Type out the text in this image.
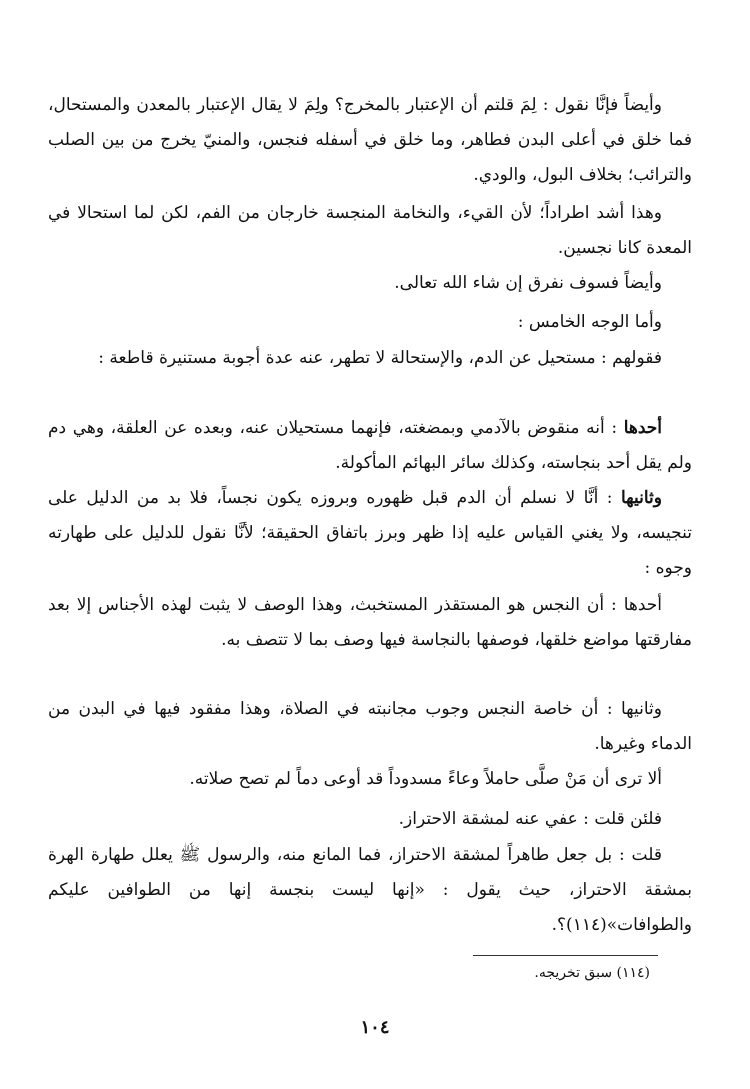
وأيضاً فإنَّا نقول : لِمَ قلتم أن الإعتبار بالمخرج؟ ولِمَ لا يقال الإعتبار بالمعدن والمستحال، فما خلق في أعلى البدن فطاهر، وما خلق في أسفله فنجس، والمنيّ يخرج من بين الصلب والترائب؛ بخلاف البول، والودي.

وهذا أشد اطراداً؛ لأن القيء، والنخامة المنجسة خارجان من الفم، لكن لما استحالا في المعدة كانا نجسين.

وأيضاً فسوف نفرق إن شاء الله تعالى.

وأما الوجه الخامس :

فقولهم : مستحيل عن الدم، والإستحالة لا تطهر، عنه عدة أجوبة مستنيرة قاطعة :

أحدها : أنه منقوض بالآدمي وبمضغته، فإنهما مستحيلان عنه، وبعده عن العلقة، وهي دم ولم يقل أحد بنجاسته، وكذلك سائر البهائم المأكولة.

وثانيها : أنَّا لا نسلم أن الدم قبل ظهوره وبروزه يكون نجساً، فلا بد من الدليل على تنجيسه، ولا يغني القياس عليه إذا ظهر وبرز باتفاق الحقيقة؛ لأنَّا نقول للدليل على طهارته وجوه :

أحدها : أن النجس هو المستقذر المستخبث، وهذا الوصف لا يثبت لهذه الأجناس إلا بعد مفارقتها مواضع خلقها، فوصفها بالنجاسة فيها وصف بما لا تتصف به.

وثانيها : أن خاصة النجس وجوب مجانبته في الصلاة، وهذا مفقود فيها في البدن من الدماء وغيرها.

ألا ترى أن مَنْ صلَّى حاملاً وعاءً مسدوداً قد أوعى دماً لم تصح صلاته.

فلئن قلت : عفي عنه لمشقة الاحتراز.

قلت : بل جعل طاهراً لمشقة الاحتراز، فما المانع منه، والرسول ﷺ يعلل طهارة الهرة بمشقة الاحتراز، حيث يقول : «إنها ليست بنجسة إنها من الطوافين عليكم والطوافات»(١١٤)؟.

(١١٤) سبق تخريجه.
١٠٤
